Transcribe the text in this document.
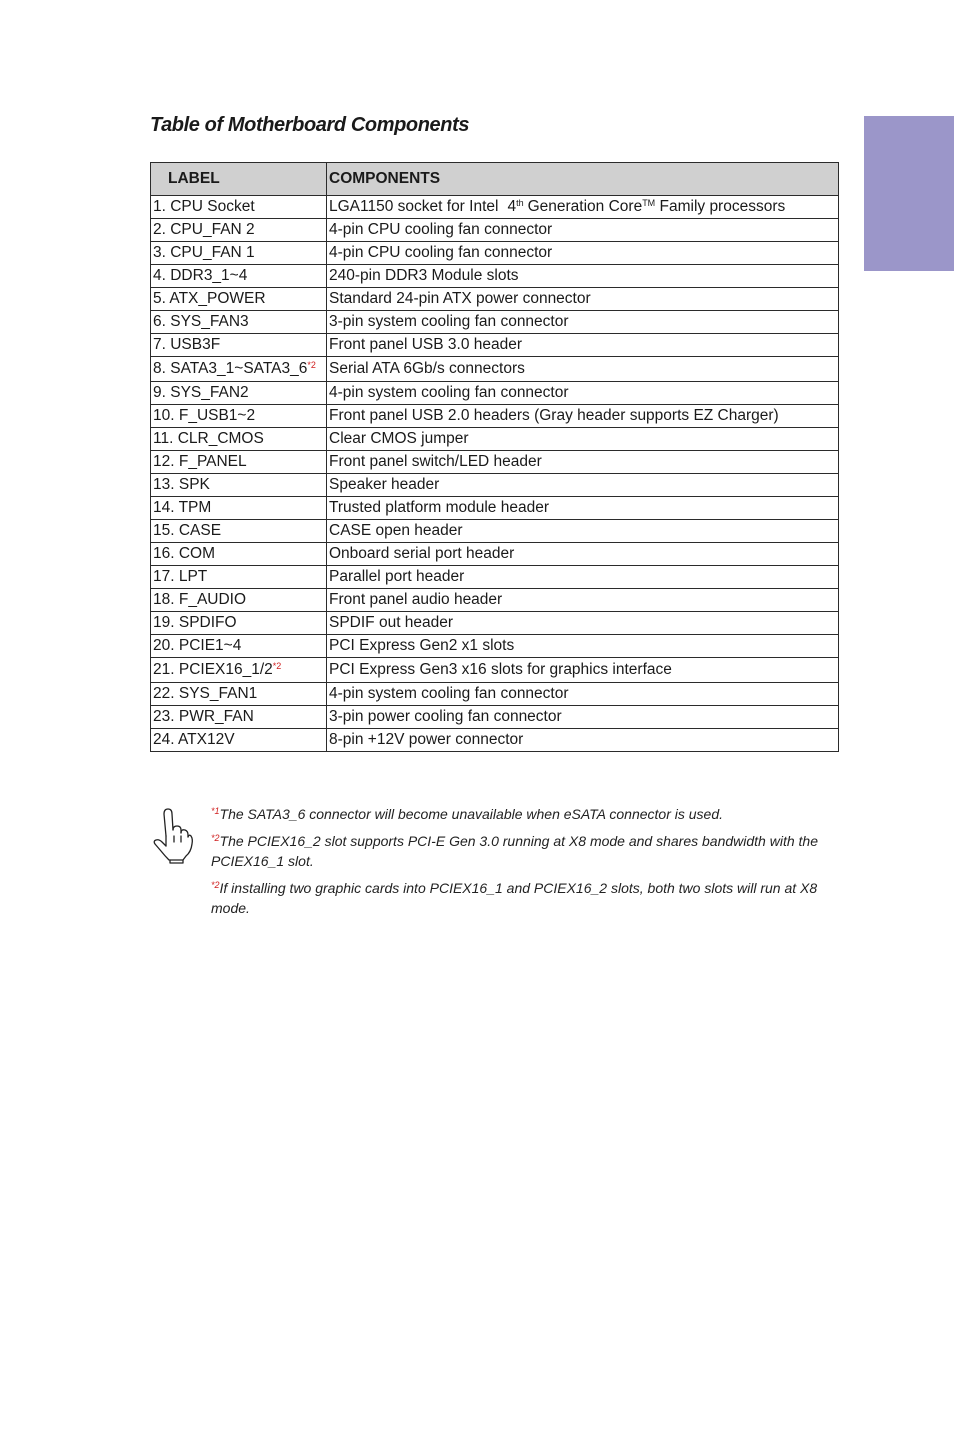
Table of Motherboard Components
LABEL	COMPONENTS
1. CPU Socket	LGA1150 socket for Intel 4th Generation Core™ Family processors
2. CPU_FAN 2	4-pin CPU cooling fan connector
3. CPU_FAN 1	4-pin CPU cooling fan connector
4. DDR3_1~4	240-pin DDR3 Module slots
5. ATX_POWER	Standard 24-pin ATX power connector
6. SYS_FAN3	3-pin system cooling fan connector
7. USB3F	Front panel USB 3.0 header
8. SATA3_1~SATA3_6$^{*2}$	Serial ATA 6Gb/s connectors
9. SYS_FAN2	4-pin system cooling fan connector
10. F_USB1~2	Front panel USB 2.0 headers (Gray header supports EZ Charger)
11. CLR_CMOS	Clear CMOS jumper
12. F_PANEL	Front panel switch/LED header
13. SPK	Speaker header
14. TPM	Trusted platform module header
15. CASE	CASE open header
16. COM	Onboard serial port header
17. LPT	Parallel port header
18. F_AUDIO	Front panel audio header
19. SPDIFO	SPDIF out header
20. PCIE1~4	PCI Express Gen2 x1 slots
21. PCIEX16_1/2$^{*2}$	PCI Express Gen3 x16 slots for graphics interface
22. SYS_FAN1	4-pin system cooling fan connector
23. PWR_FAN	3-pin power cooling fan connector
24. ATX12V	8-pin +12V power connector

$^{*1}$The SATA3_6 connector will become unavailable when eSATA connector is used.

$^{*2}$The PCIEX16_2 slot supports PCI-E Gen 3.0 running at X8 mode and shares bandwidth with the PCIEX16_1 slot.

$^{*2}$If installing two graphic cards into PCIEX16_1 and PCIEX16_2 slots, both two slots will run at X8 mode.
